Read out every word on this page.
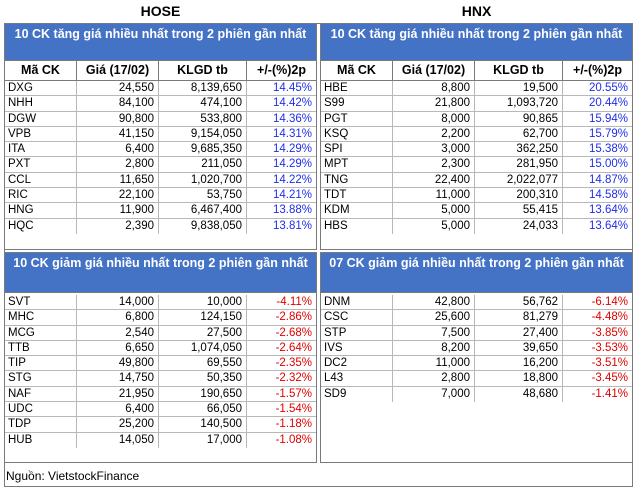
HOSE	HNX
10 CK tăng giá nhiều nhất trong 2 phiên gần nhất
Mã CK	Giá (17/02)	KLGD tb	+/-(%)2p
DXG	24,550	8,139,650	14.45%
NHH	84,100	474,100	14.42%
DGW	90,800	533,800	14.36%
VPB	41,150	9,154,050	14.31%
ITA	6,400	9,685,350	14.29%
PXT	2,800	211,050	14.29%
CCL	11,650	1,020,700	14.22%
RIC	22,100	53,750	14.21%
HNG	11,900	6,467,400	13.88%
HQC	2,390	9,838,050	13.81%
10 CK tăng giá nhiều nhất trong 2 phiên gần nhất
Mã CK	Giá (17/02)	KLGD tb	+/-(%)2p
HBE	8,800	19,500	20.55%
S99	21,800	1,093,720	20.44%
PGT	8,000	90,865	15.94%
KSQ	2,200	62,700	15.79%
SPI	3,000	362,250	15.38%
MPT	2,300	281,950	15.00%
TNG	22,400	2,022,077	14.87%
TDT	11,000	200,310	14.58%
KDM	5,000	55,415	13.64%
HBS	5,000	24,033	13.64%
10 CK giảm giá nhiều nhất trong 2 phiên gần nhất
SVT	14,000	10,000	-4.11%
MHC	6,800	124,150	-2.86%
MCG	2,540	27,500	-2.68%
TTB	6,650	1,074,050	-2.64%
TIP	49,800	69,550	-2.35%
STG	14,750	50,350	-2.32%
NAF	21,950	190,650	-1.57%
UDC	6,400	66,050	-1.54%
TDP	25,200	140,500	-1.18%
HUB	14,050	17,000	-1.08%
07 CK giảm giá nhiều nhất trong 2 phiên gần nhất
DNM	42,800	56,762	-6.14%
CSC	25,600	81,279	-4.48%
STP	7,500	27,400	-3.85%
IVS	8,200	39,650	-3.53%
DC2	11,000	16,200	-3.51%
L43	2,800	18,800	-3.45%
SD9	7,000	48,680	-1.41%
Nguồn: VietstockFinance
